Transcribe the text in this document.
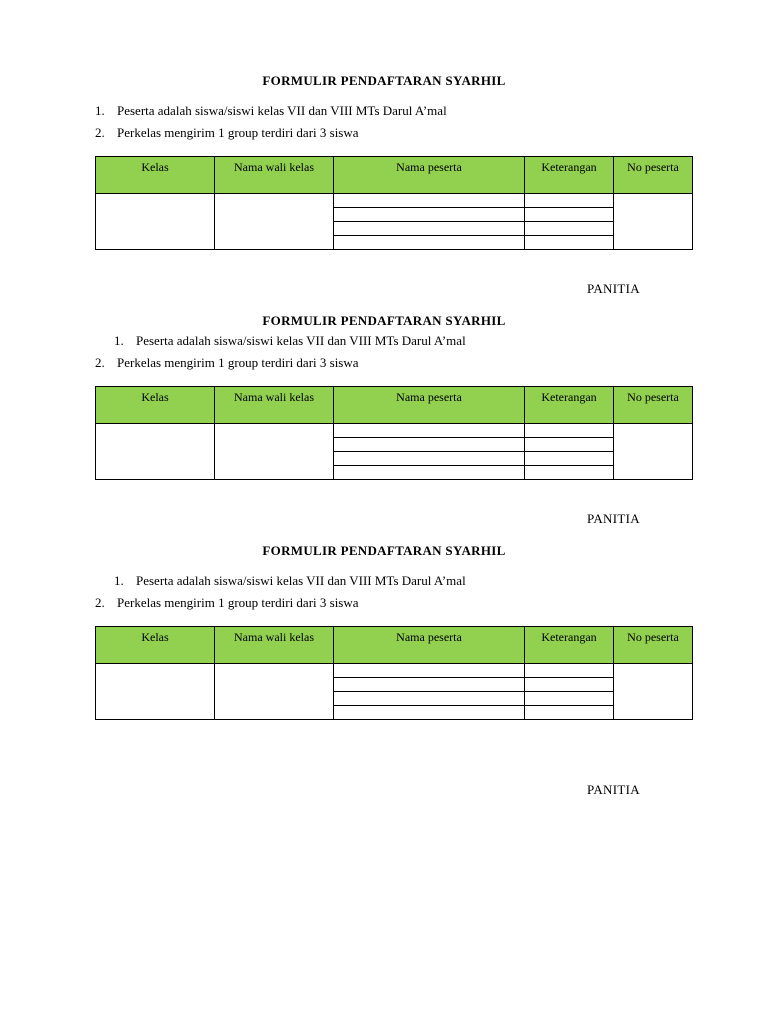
FORMULIR PENDAFTARAN SYARHIL
1. Peserta adalah siswa/siswi kelas VII dan VIII MTs Darul A’mal
2. Perkelas mengirim 1 group terdiri dari 3 siswa
Kelas	Nama wali kelas	Nama peserta	Keterangan	No peserta

PANITIA
FORMULIR PENDAFTARAN SYARHIL
1. Peserta adalah siswa/siswi kelas VII dan VIII MTs Darul A’mal
2. Perkelas mengirim 1 group terdiri dari 3 siswa
Kelas	Nama wali kelas	Nama peserta	Keterangan	No peserta

PANITIA
FORMULIR PENDAFTARAN SYARHIL
1. Peserta adalah siswa/siswi kelas VII dan VIII MTs Darul A’mal
2. Perkelas mengirim 1 group terdiri dari 3 siswa
Kelas	Nama wali kelas	Nama peserta	Keterangan	No peserta

PANITIA
